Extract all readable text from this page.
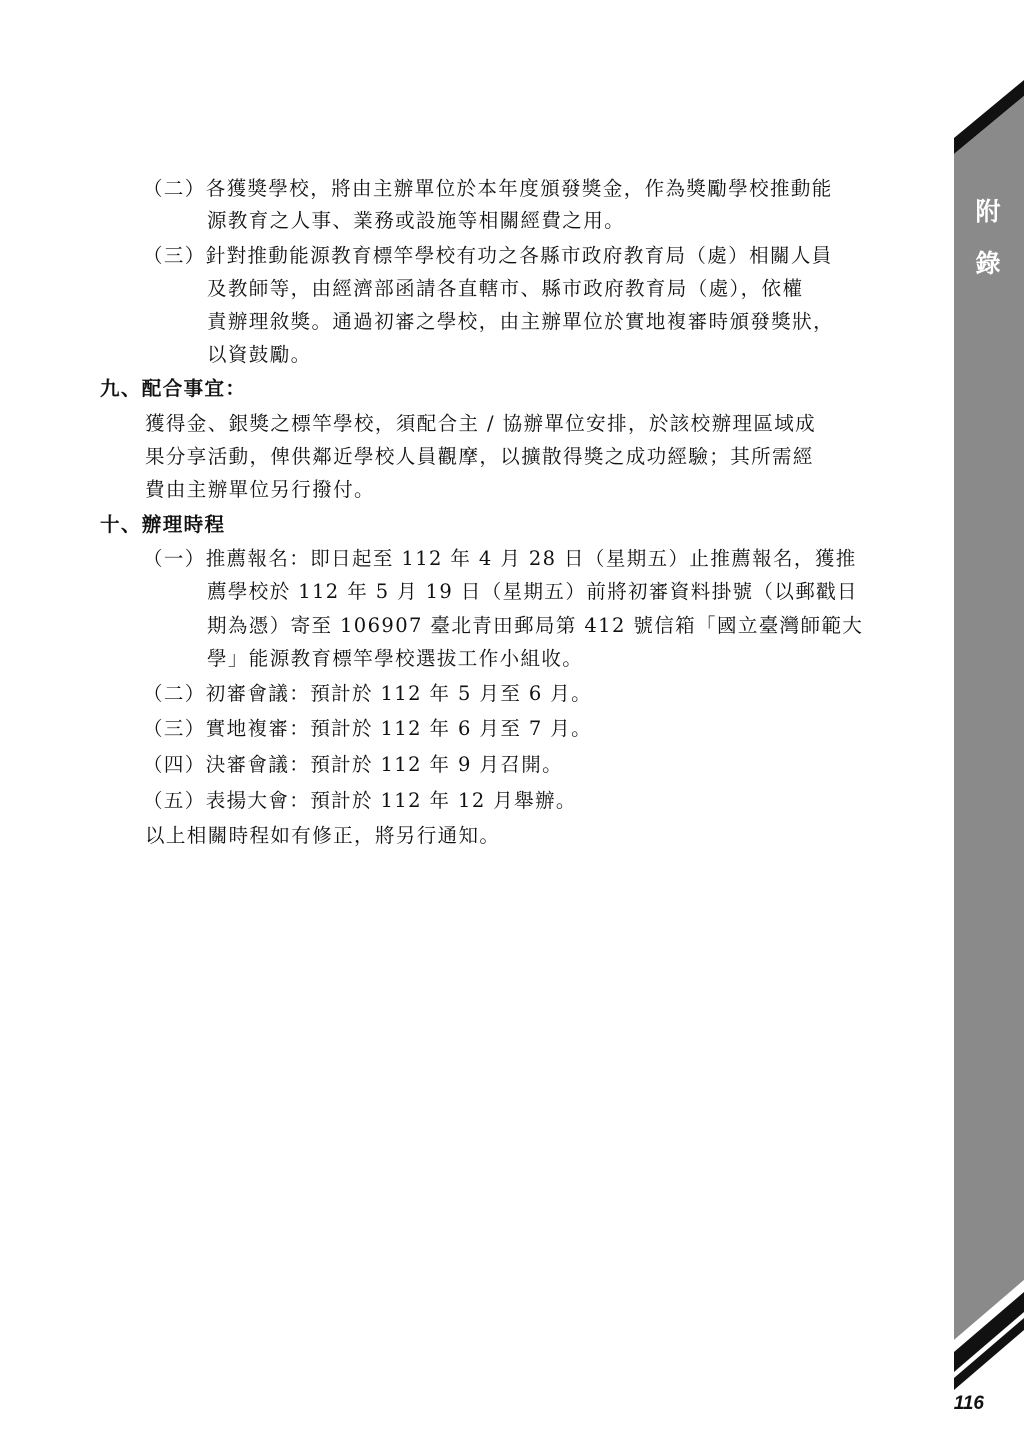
附錄
（二）各獲獎學校，將由主辦單位於本年度頒發獎金，作為獎勵學校推動能
源教育之人事、業務或設施等相關經費之用。
（三）針對推動能源教育標竿學校有功之各縣市政府教育局（處）相關人員
及教師等，由經濟部函請各直轄市、縣市政府教育局（處），依權
責辦理敘獎。通過初審之學校，由主辦單位於實地複審時頒發獎狀，
以資鼓勵。
九、配合事宜：
獲得金、銀獎之標竿學校，須配合主 / 協辦單位安排，於該校辦理區域成
果分享活動，俾供鄰近學校人員觀摩，以擴散得獎之成功經驗；其所需經
費由主辦單位另行撥付。
十、辦理時程
（一）推薦報名：即日起至 112 年 4 月 28 日（星期五）止推薦報名，獲推
薦學校於 112 年 5 月 19 日（星期五）前將初審資料掛號（以郵戳日
期為憑）寄至 106907 臺北青田郵局第 412 號信箱「國立臺灣師範大
學」能源教育標竿學校選拔工作小組收。
（二）初審會議：預計於 112 年 5 月至 6 月。
（三）實地複審：預計於 112 年 6 月至 7 月。
（四）決審會議：預計於 112 年 9 月召開。
（五）表揚大會：預計於 112 年 12 月舉辦。
以上相關時程如有修正，將另行通知。
116
